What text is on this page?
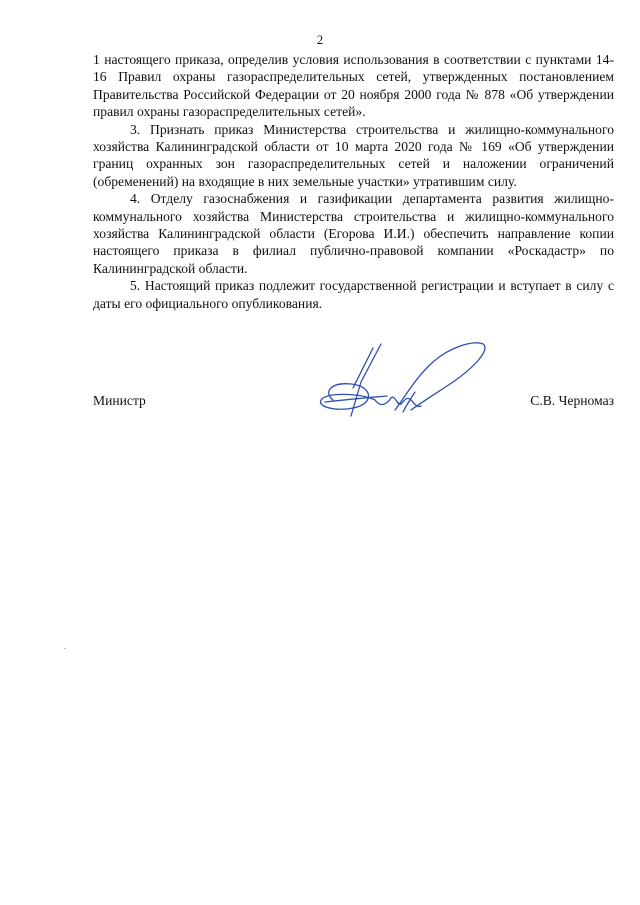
2

1 настоящего приказа, определив условия использования в соответствии с пунктами 14-16 Правил охраны газораспределительных сетей, утвержденных постановлением Правительства Российской Федерации от 20 ноября 2000 года № 878 «Об утверждении правил охраны газораспределительных сетей».

3. Признать приказ Министерства строительства и жилищно-коммунального хозяйства Калининградской области от 10 марта 2020 года № 169 «Об утверждении границ охранных зон газораспределительных сетей и наложении ограничений (обременений) на входящие в них земельные участки» утратившим силу.

4. Отделу газоснабжения и газификации департамента развития жилищно-коммунального хозяйства Министерства строительства и жилищно-коммунального хозяйства Калининградской области (Егорова И.И.) обеспечить направление копии настоящего приказа в филиал публично-правовой компании «Роскадастр» по Калининградской области.

5. Настоящий приказ подлежит государственной регистрации и вступает в силу с даты его официального опубликования.

Министр	С.В. Черномаз
